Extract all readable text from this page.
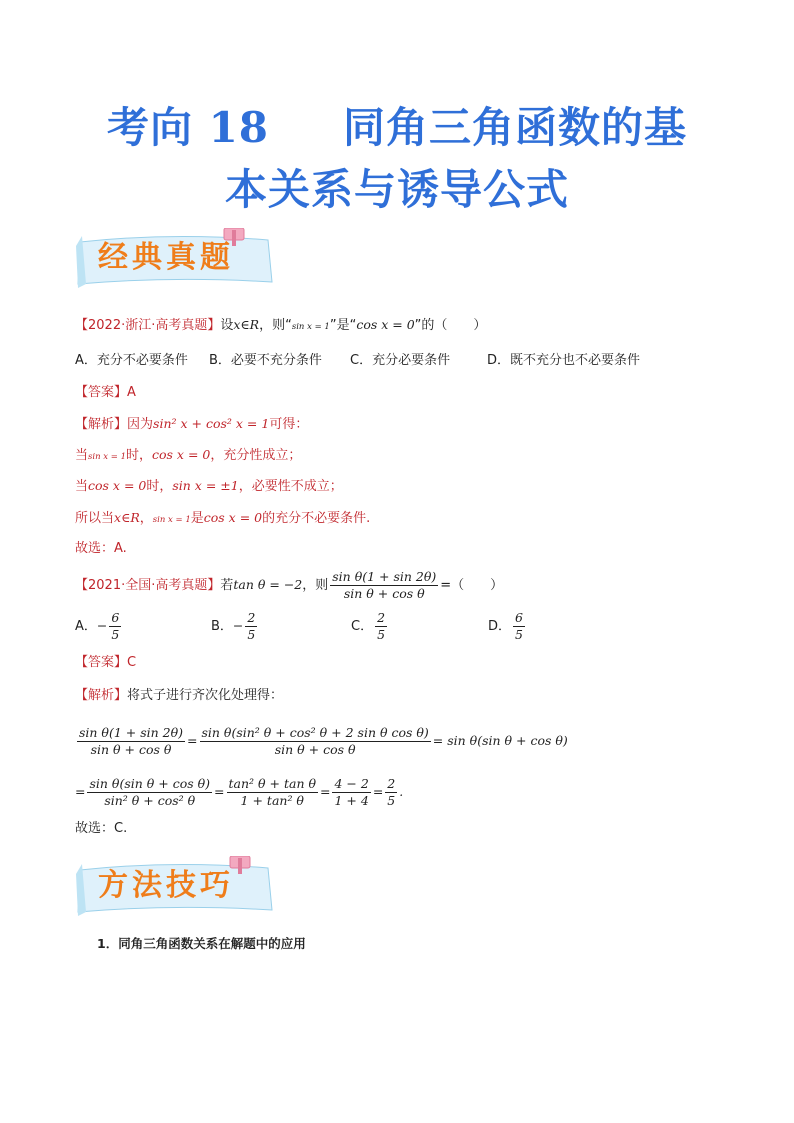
考向 18 同角三角函数的基
本关系与诱导公式
经典真题
【2022·浙江·高考真题】设x∈R，则“sin x = 1”是“cos x = 0”的（　　）
A．充分不必要条件 B．必要不充分条件 C．充分必要条件	D．既不充分也不必要条件
【答案】A
【解析】因为sin² x + cos² x = 1可得：
当sin x = 1时，cos x = 0，充分性成立；
当cos x = 0时，sin x = ±1，必要性不成立；
所以当x∈R，sin x = 1是cos x = 0的充分不必要条件.
故选：A.
【2021·全国·高考真题】若tan θ = −2，则 $\frac{\text{sin θ(1 + sin 2θ)}}{\text{sin θ + cos θ}}$ =（　　）
A．− $\frac{6}{5}$	B．− $\frac{2}{5}$	C． $\frac{2}{5}$	D． $\frac{6}{5}$
【答案】C
【解析】将式子进行齐次化处理得：
$\frac{\text{sin θ(1 + sin 2θ)}}{\text{sin θ + cos θ}} = \frac{\text{sin θ(sin² θ + cos² θ + 2 sin θ cos θ)}}{\text{sin θ + cos θ}} = \sin \theta(\sin$ θ + cos θ)
= $\frac{\text{sin θ(sin θ + cos θ)}}{\text{sin² θ + cos² θ}} = \frac{\text{tan² θ + tan θ}}{\text{1 + tan² θ}} = \frac{4 - 2}{1 + 4} = \frac{2}{5}$ .
故选：C.
方法技巧
1．同角三角函数关系在解题中的应用
